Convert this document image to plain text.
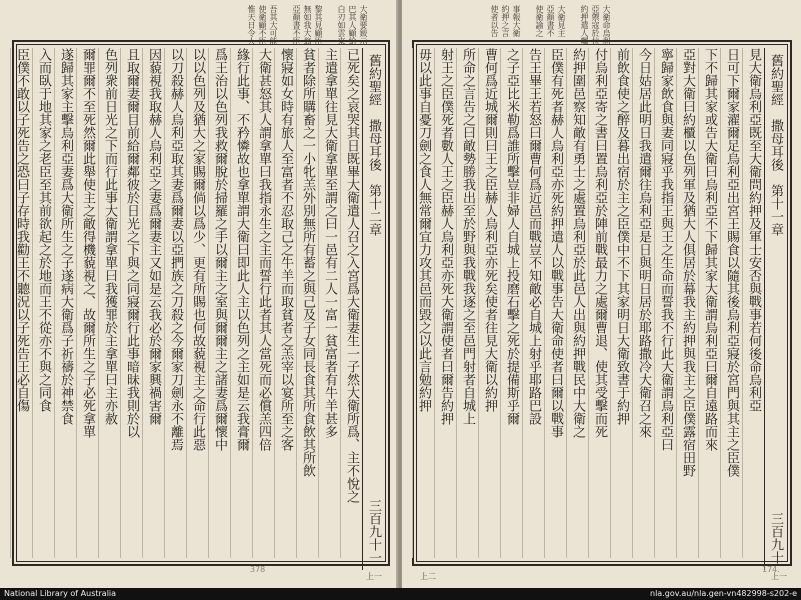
大衛要鈸示
巴其人顧給
白刃如雲來
黎其見顧臣
無如我大翁
亞顏書不臣
吾其大可能
使衛顧不臣
惟天日令人
舊約聖經　撒母耳後　第十二章
三百九十一
已死矣之哀哭其日既畢大衛遣人召之入宮爲大衛妻生一子然大衛所爲、主不悅之
主遣拿單往見大衛拿單至謂之曰一邑有二人一富一貧富者有牛羊甚多
貧者除所購畜之一小牝羔外別無所有蓄之與己及子女同長食其所食飲其所飲
懷寢如女時有旅人至富者不忍取己之牛羊而取貧者之羔宰以宴所至之客
大衛甚怒其人謂拿單曰我指永生之主而誓行此者其人當死而必償羔四倍
緣行此事、不矜憐故也拿單謂大衛曰即此人主以色列之主如是云我膏爾
爲王治以色列我救爾脫於掃羅之手以爾主之室與爾爾主之諸妻爲爾懷中
以以色列及猶大之家賜爾倘以爲少、更有所賜也何故藐視主之命行此惡
以刀殺赫人烏利亞取其妻爲爾妻以亞捫族之刀殺之今爾家刀劍永不離焉
因藐視我取赫人烏利亞之妻爲爾妻主又如是云我必於爾家興禍害爾
且取爾妻爾目前給爾鄰彼於日光之下與之同寢爾行此事暗昧我則於以
色列衆前日光之下而行此事大衛謂拿單曰我獲罪於主拿單曰主亦赦
爾罪爾不至死然爾此舉使主之敵得機藐視之、故爾所生之子必死拿單
遂歸其家主擊烏利亞妻爲大衛所生之子遂病大衛爲子祈禱於神禁食
入而臥于地其家之老臣至其前欲起之於地而王不從亦不與之同食
臣僕不敢以子死告之恐曰子存時我勸王不聽況以子死告王必自傷
上一
378
大衛命烏利
亞禦寇於拉
約押遣人囑
大衛見主
亞顏書不
使衛諭之
事報大衛
約押之言
使者以告
舊約聖經　撒母耳後　第十一章
三百九十
見大衛烏利亞既至大衛問約押及軍士安否與戰事若何後命烏利亞
日可下爾家濯爾足烏利亞出宮王賜食以隨其後烏利亞寢於宮門與其主之臣僕
下不歸其家或告大衛曰烏利亞不下歸其家大衛謂烏利亞曰爾自遠路而來
亞對大衛曰約櫃以色列軍及猶大人俱居於幕我主約押與我主之臣僕露宿田野
寧歸家飲食與妻同寢乎我指王與王之生命而誓我不行此大衛謂烏利亞曰
今日姑居此明日我遣爾往烏利亞是日與明日居於耶路撒冷大衛召之來
前飲食使之醉及暮出宿於主之臣僕中不下其家明日大衛致書于約押
付烏利亞寄之書曰置烏利亞於陣前戰最力之處爾曹退、使其受擊而死
約押圍邑察知敵有勇士之處置烏利亞於此邑人出與約押戰民中大衛之
臣僕有死者赫人烏利亞亦死約押遣人以戰事告大衛命使者曰爾以戰事
告王畢王若怒曰爾曹何爲近邑而戰豈不知敵必自城上射乎耶路巴設
之子亞比米勒爲誰所擊豈非婦人自城上投磨石擊之死於提備斯乎爾
曹何爲近城爾則曰王之臣赫人烏利亞亦死矣使者往見大衛以約押
所命之言告之曰敵勢勝我出至於野與我戰我逐之至邑門射者自城上
射王之臣僕死者數人王之臣赫人烏利亞亦死大衛謂使者曰爾告約押
毋以此事自憂刀劍之食人無常爾宜力攻其邑而毀之以此言勉約押
上二	上一
174.
National Library of Australia	nla.gov.au/nla.gen-vn482998-s202-e
